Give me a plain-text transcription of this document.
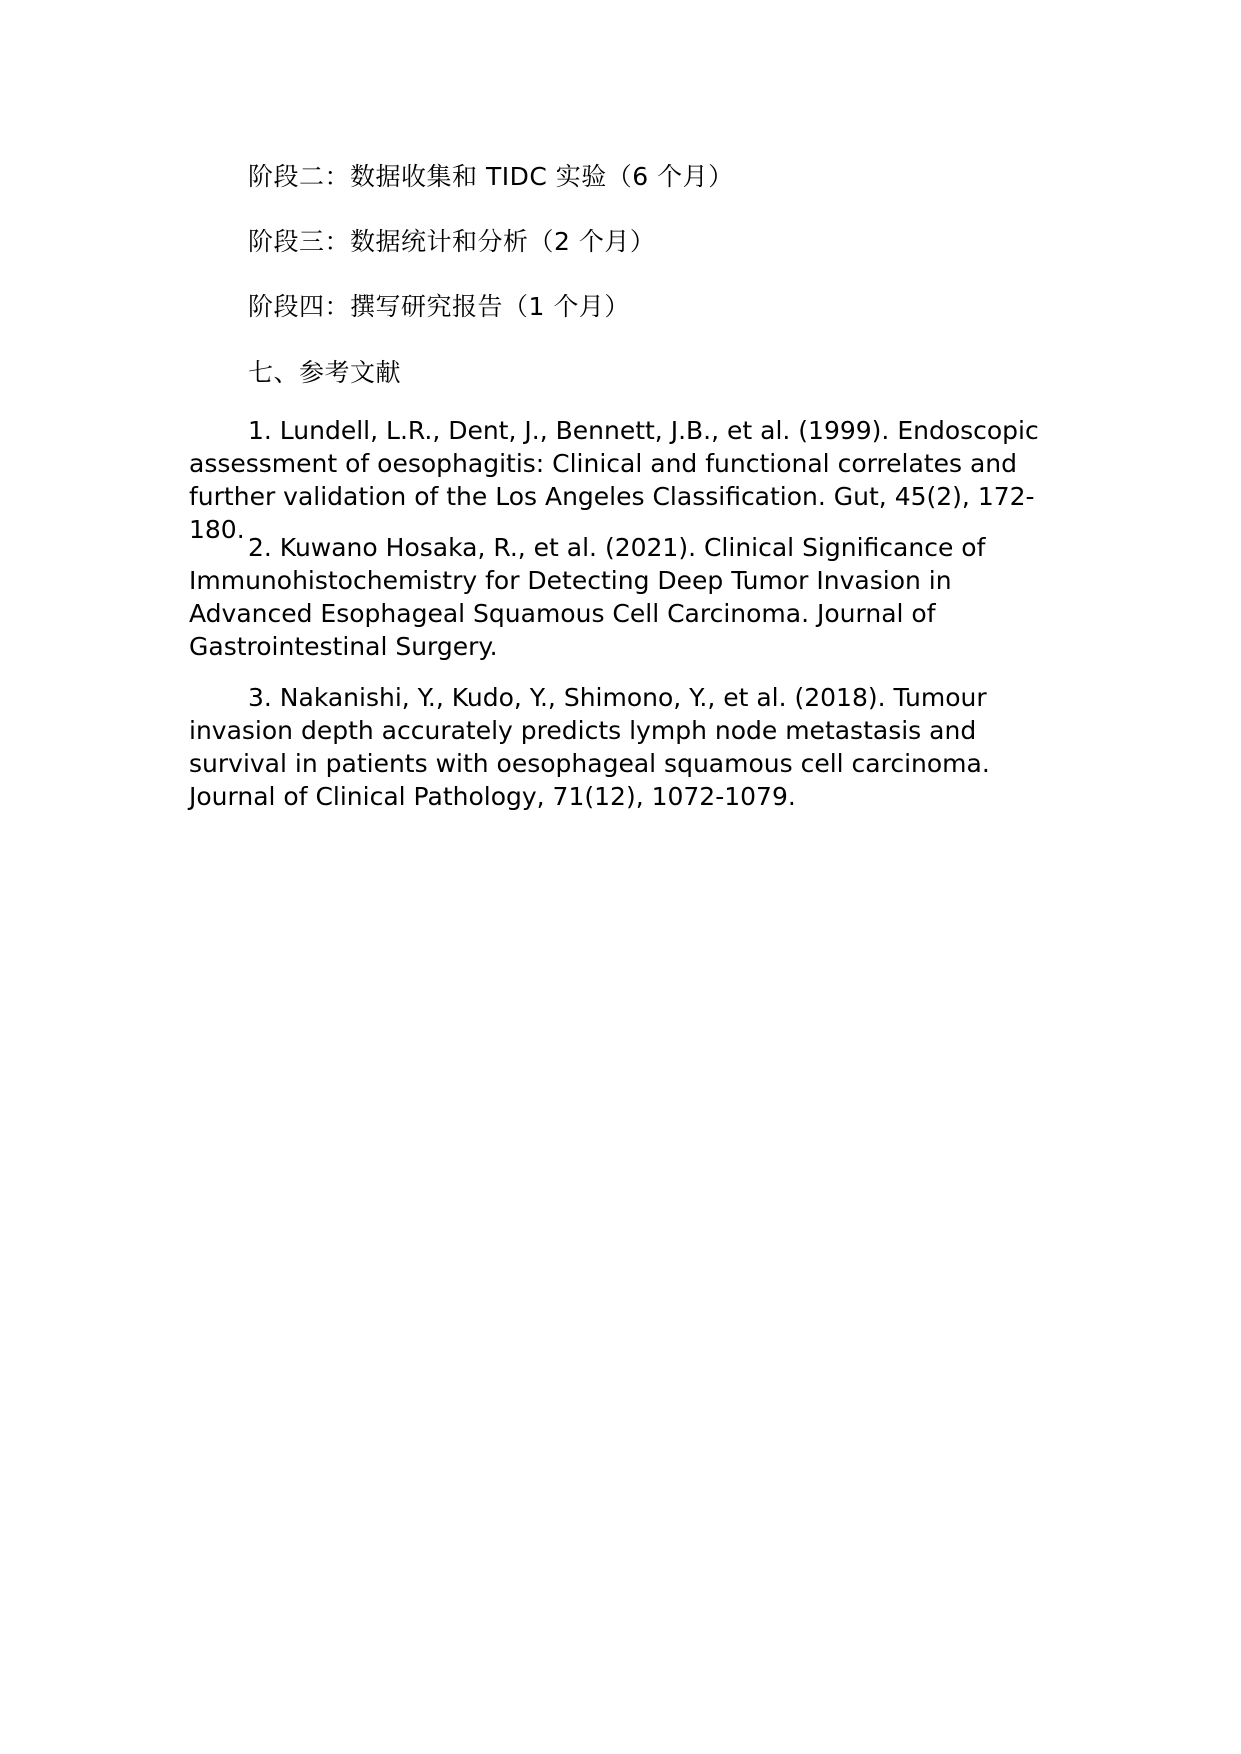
阶段二：数据收集和 TIDC 实验（6 个月）
阶段三：数据统计和分析（2 个月）
阶段四：撰写研究报告（1 个月）
七、参考文献

1. Lundell, L.R., Dent, J., Bennett, J.B., et al. (1999). Endoscopic assessment of oesophagitis: Clinical and functional correlates and further validation of the Los Angeles Classification. Gut, 45(2), 172-180.

2. Kuwano Hosaka, R., et al. (2021). Clinical Significance of Immunohistochemistry for Detecting Deep Tumor Invasion in Advanced Esophageal Squamous Cell Carcinoma. Journal of Gastrointestinal Surgery.

3. Nakanishi, Y., Kudo, Y., Shimono, Y., et al. (2018). Tumour invasion depth accurately predicts lymph node metastasis and survival in patients with oesophageal squamous cell carcinoma. Journal of Clinical Pathology, 71(12), 1072-1079.
